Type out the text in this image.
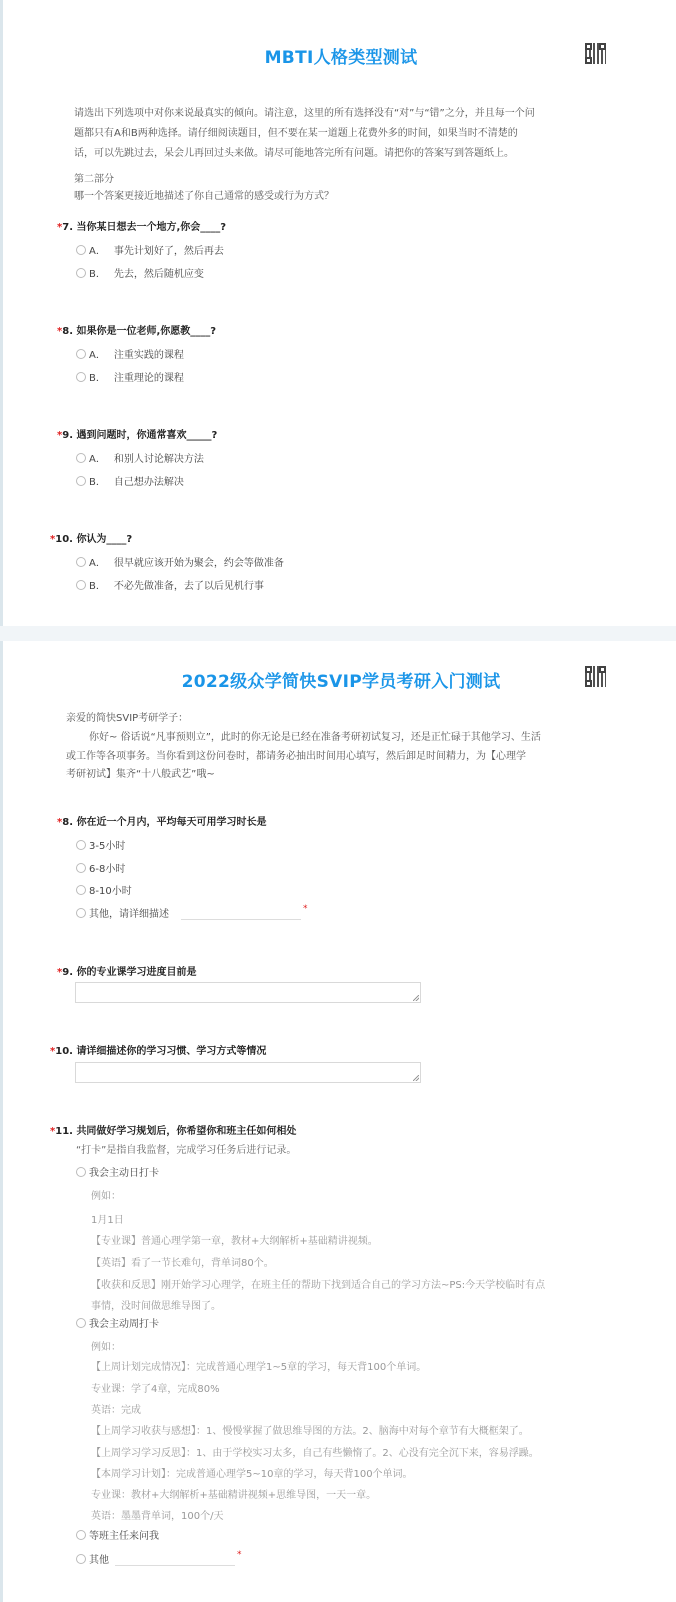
MBTI人格类型测试
请选出下列选项中对你来说最真实的倾向。请注意，这里的所有选择没有“对”与“错”之分，并且每一个问
题都只有A和B两种选择。请仔细阅读题目，但不要在某一道题上花费外多的时间，如果当时不清楚的
话，可以先跳过去，呆会儿再回过头来做。请尽可能地答完所有问题。请把你的答案写到答题纸上。
第二部分
哪一个答案更接近地描述了你自己通常的感受或行为方式？
*7. 当你某日想去一个地方,你会____?
A． 事先计划好了，然后再去
B． 先去，然后随机应变
*8. 如果你是一位老师,你愿教____?
A． 注重实践的课程
B． 注重理论的课程
*9. 遇到问题时，你通常喜欢_____?
A． 和别人讨论解决方法
B． 自己想办法解决
*10. 你认为____?
A． 很早就应该开始为聚会，约会等做准备
B． 不必先做准备，去了以后见机行事
2022级众学简快SVIP学员考研入门测试
亲爱的简快SVIP考研学子：
你好~ 俗话说“凡事预则立”，此时的你无论是已经在准备考研初试复习，还是正忙碌于其他学习、生活
或工作等各项事务。当你看到这份问卷时，都请务必抽出时间用心填写，然后卸足时间精力，为【心理学
考研初试】集齐“十八般武艺”哦~
*8. 你在近一个月内，平均每天可用学习时长是
3-5小时
6-8小时
8-10小时
其他，请详细描述	*
*9. 你的专业课学习进度目前是
*10. 请详细描述你的学习习惯、学习方式等情况
*11. 共同做好学习规划后，你希望你和班主任如何相处
“打卡”是指自我监督，完成学习任务后进行记录。
我会主动日打卡
例如：
1月1日
【专业课】普通心理学第一章，教材+大纲解析+基础精讲视频。
【英语】看了一节长难句，背单词80个。
【收获和反思】刚开始学习心理学，在班主任的帮助下找到适合自己的学习方法~PS:今天学校临时有点
事情，没时间做思维导图了。
我会主动周打卡
例如：
【上周计划完成情况】：完成普通心理学1~5章的学习，每天背100个单词。
专业课：学了4章，完成80%
英语：完成
【上周学习收获与感想】：1、慢慢掌握了做思维导图的方法。2、脑海中对每个章节有大概框架了。
【上周学习学习反思】：1、由于学校实习太多，自己有些懒惰了。2、心没有完全沉下来，容易浮躁。
【本周学习计划】：完成普通心理学5~10章的学习，每天背100个单词。
专业课：教材+大纲解析+基础精讲视频+思维导图，一天一章。
英语：墨墨背单词，100个/天
等班主任来问我
其他	*
